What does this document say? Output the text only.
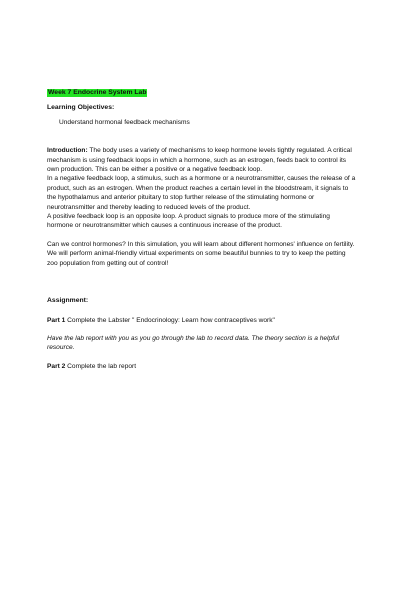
Week 7 Endocrine System Lab
Learning Objectives:
Understand hormonal feedback mechanisms

Introduction: The body uses a variety of mechanisms to keep hormone levels tightly regulated. A critical mechanism is using feedback loops in which a hormone, such as an estrogen, feeds back to control its own production. This can be either a positive or a negative feedback loop.

In a negative feedback loop, a stimulus, such as a hormone or a neurotransmitter, causes the release of a product, such as an estrogen. When the product reaches a certain level in the bloodstream, it signals to the hypothalamus and anterior pituitary to stop further release of the stimulating hormone or neurotransmitter and thereby leading to reduced levels of the product.

A positive feedback loop is an opposite loop. A product signals to produce more of the stimulating hormone or neurotransmitter which causes a continuous increase of the product.

Can we control hormones? In this simulation, you will learn about different hormones' influence on fertility. We will perform animal-friendly virtual experiments on some beautiful bunnies to try to keep the petting zoo population from getting out of control!

Assignment:
Part 1 Complete the Labster " Endocrinology: Learn how contraceptives work"
Have the lab report with you as you go through the lab to record data. The theory section is a helpful resource.
Part 2 Complete the lab report
